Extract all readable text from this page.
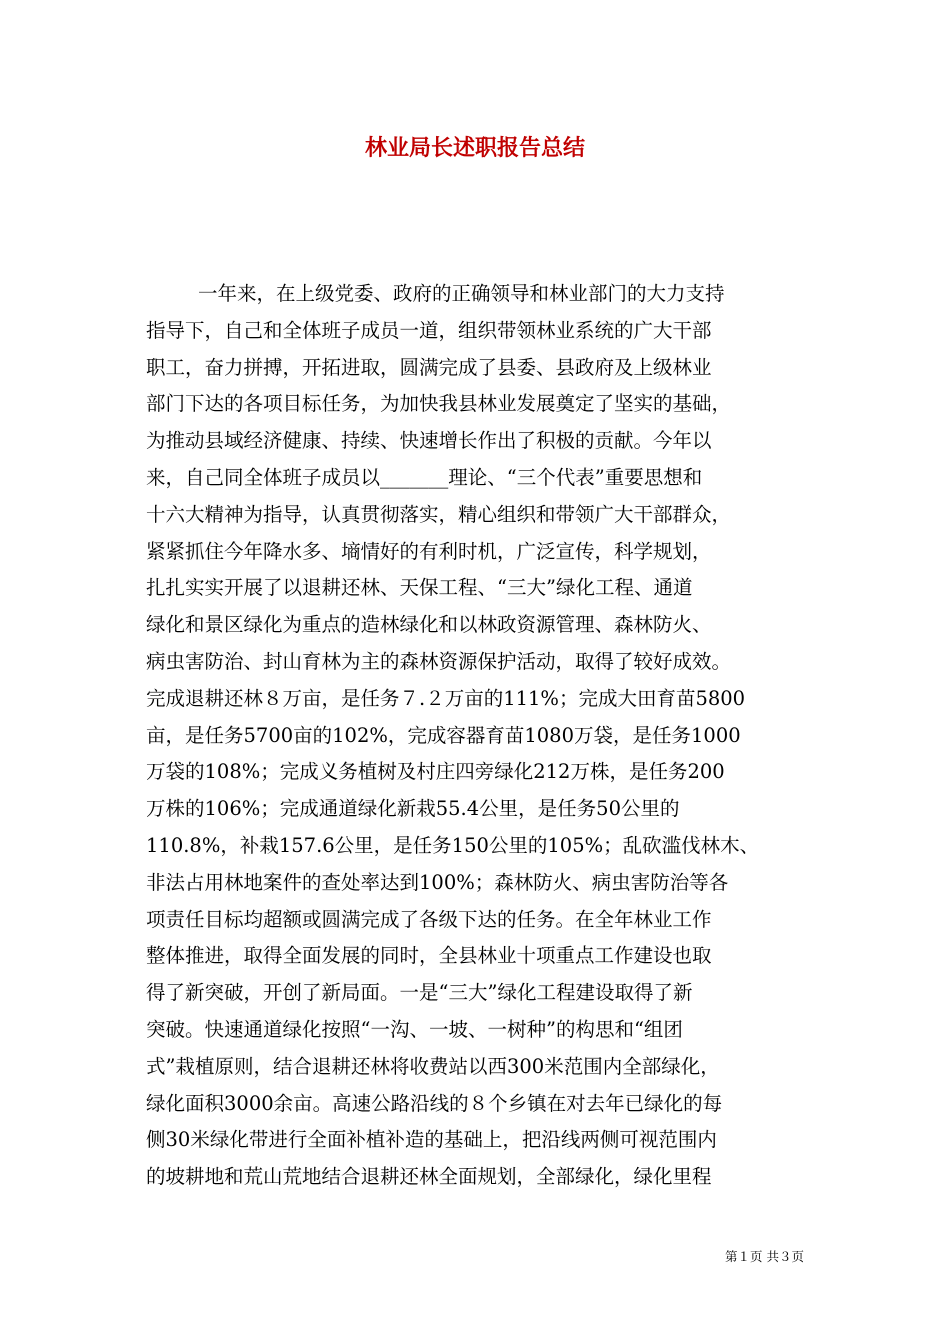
林业局长述职报告总结
一年来，在上级党委、政府的正确领导和林业部门的大力支持
指导下，自己和全体班子成员一道，组织带领林业系统的广大干部
职工，奋力拼搏，开拓进取，圆满完成了县委、县政府及上级林业
部门下达的各项目标任务，为加快我县林业发展奠定了坚实的基础，
为推动县域经济健康、持续、快速增长作出了积极的贡献。今年以
来，自己同全体班子成员以_______理论、“三个代表”重要思想和
十六大精神为指导，认真贯彻落实，精心组织和带领广大干部群众，
紧紧抓住今年降水多、墒情好的有利时机，广泛宣传，科学规划，
扎扎实实开展了以退耕还林、天保工程、“三大”绿化工程、通道
绿化和景区绿化为重点的造林绿化和以林政资源管理、森林防火、
病虫害防治、封山育林为主的森林资源保护活动，取得了较好成效。
完成退耕还林８万亩，是任务７.２万亩的111%；完成大田育苗5800
亩，是任务5700亩的102%，完成容器育苗1080万袋，是任务1000
万袋的108%；完成义务植树及村庄四旁绿化212万株，是任务200
万株的106%；完成通道绿化新栽55.4公里，是任务50公里的
110.8%，补栽157.6公里，是任务150公里的105%；乱砍滥伐林木、
非法占用林地案件的查处率达到100%；森林防火、病虫害防治等各
项责任目标均超额或圆满完成了各级下达的任务。在全年林业工作
整体推进，取得全面发展的同时，全县林业十项重点工作建设也取
得了新突破，开创了新局面。一是“三大”绿化工程建设取得了新
突破。快速通道绿化按照“一沟、一坡、一树种”的构思和“组团
式”栽植原则，结合退耕还林将收费站以西300米范围内全部绿化，
绿化面积3000余亩。高速公路沿线的８个乡镇在对去年已绿化的每
侧30米绿化带进行全面补植补造的基础上，把沿线两侧可视范围内
的坡耕地和荒山荒地结合退耕还林全面规划，全部绿化，绿化里程
第１页 共３页
